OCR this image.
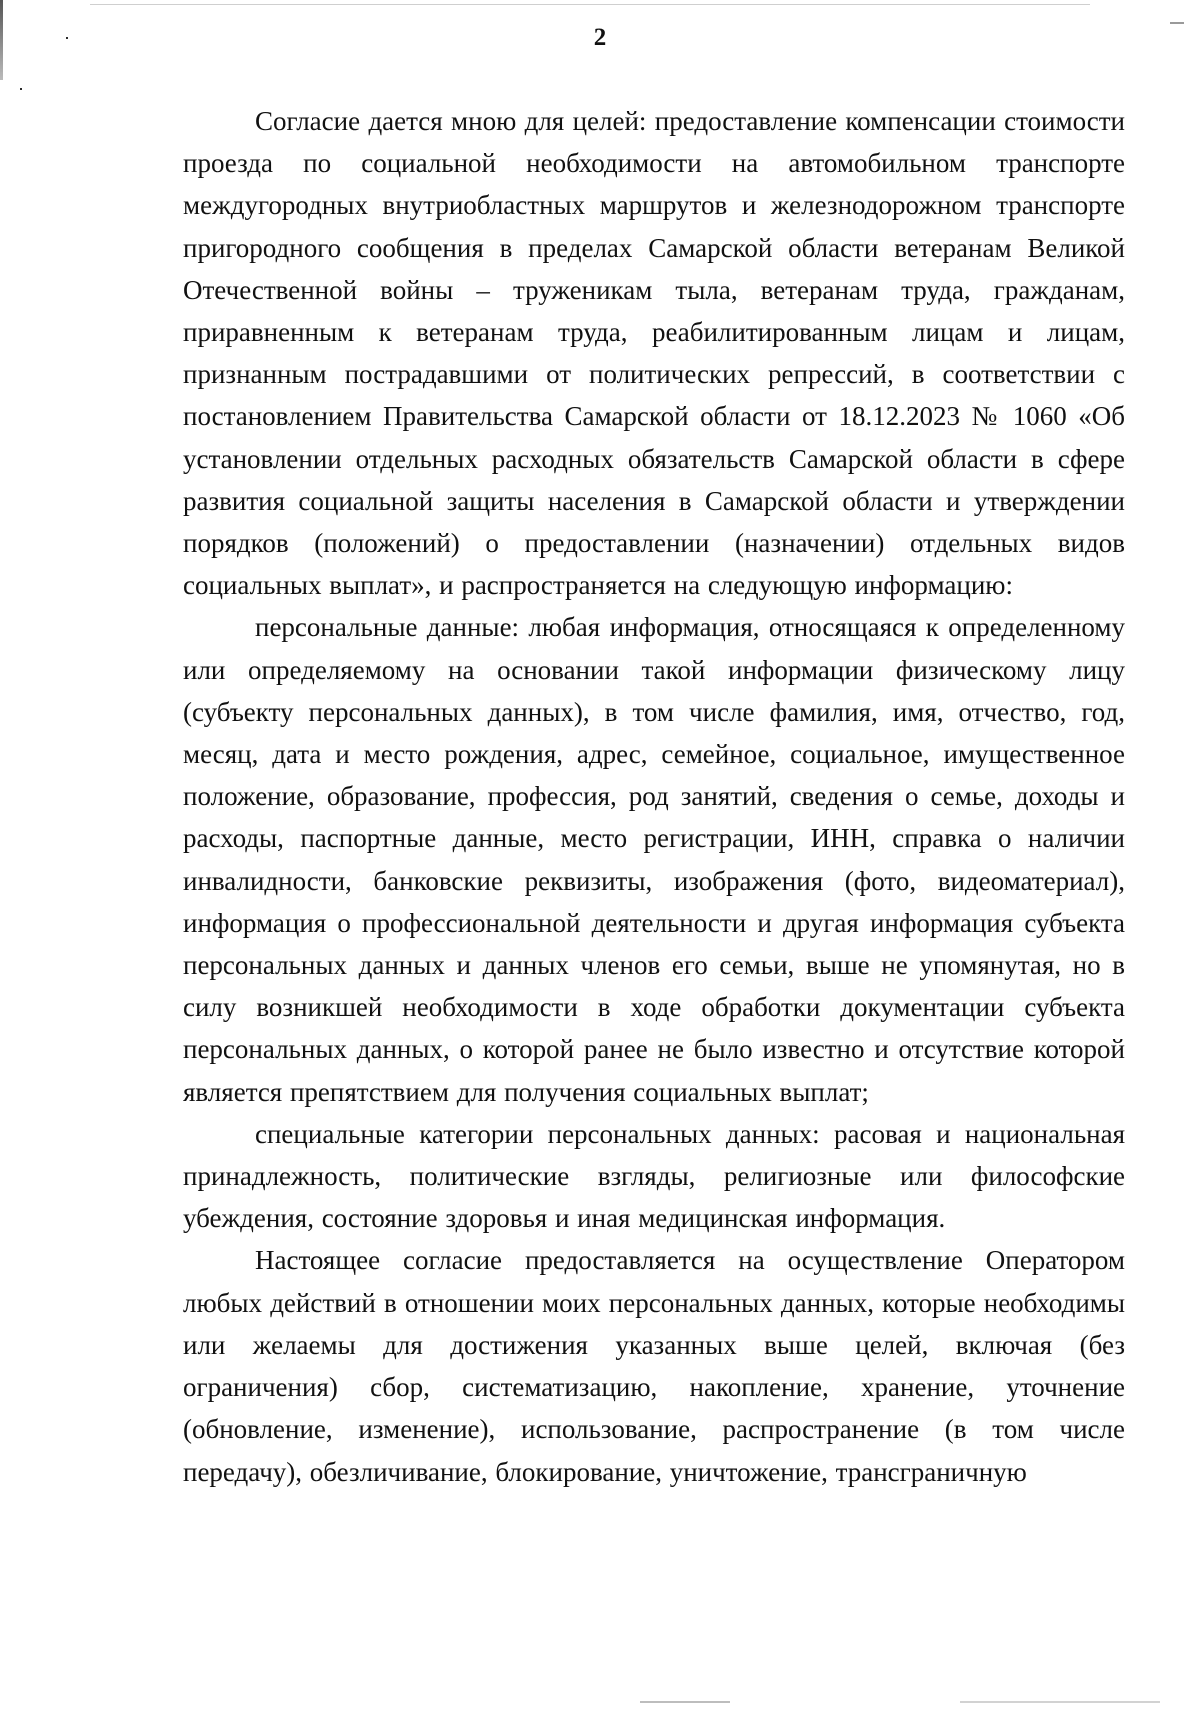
2

Согласие дается мною для целей: предоставление компенсации стоимости проезда по социальной необходимости на автомобильном транспорте междугородных внутриобластных маршрутов и железнодорожном транспорте пригородного сообщения в пределах Самарской области ветеранам Великой Отечественной войны – труженикам тыла, ветеранам труда, гражданам, приравненным к ветеранам труда, реабилитированным лицам и лицам, признанным пострадавшими от политических репрессий, в соответствии с постановлением Правительства Самарской области от 18.12.2023 № 1060 «Об установлении отдельных расходных обязательств Самарской области в сфере развития социальной защиты населения в Самарской области и утверждении порядков (положений) о предоставлении (назначении) отдельных видов социальных выплат», и распространяется на следующую информацию:

персональные данные: любая информация, относящаяся к определенному или определяемому на основании такой информации физическому лицу (субъекту персональных данных), в том числе фамилия, имя, отчество, год, месяц, дата и место рождения, адрес, семейное, социальное, имущественное положение, образование, профессия, род занятий, сведения о семье, доходы и расходы, паспортные данные, место регистрации, ИНН, справка о наличии инвалидности, банковские реквизиты, изображения (фото, видеоматериал), информация о профессиональной деятельности и другая информация субъекта персональных данных и данных членов его семьи, выше не упомянутая, но в силу возникшей необходимости в ходе обработки документации субъекта персональных данных, о которой ранее не было известно и отсутствие которой является препятствием для получения социальных выплат;

специальные категории персональных данных: расовая и национальная принадлежность, политические взгляды, религиозные или философские убеждения, состояние здоровья и иная медицинская информация.

Настоящее согласие предоставляется на осуществление Оператором любых действий в отношении моих персональных данных, которые необходимы или желаемы для достижения указанных выше целей, включая (без ограничения) сбор, систематизацию, накопление, хранение, уточнение (обновление, изменение), использование, распространение (в том числе передачу), обезличивание, блокирование, уничтожение, трансграничную
